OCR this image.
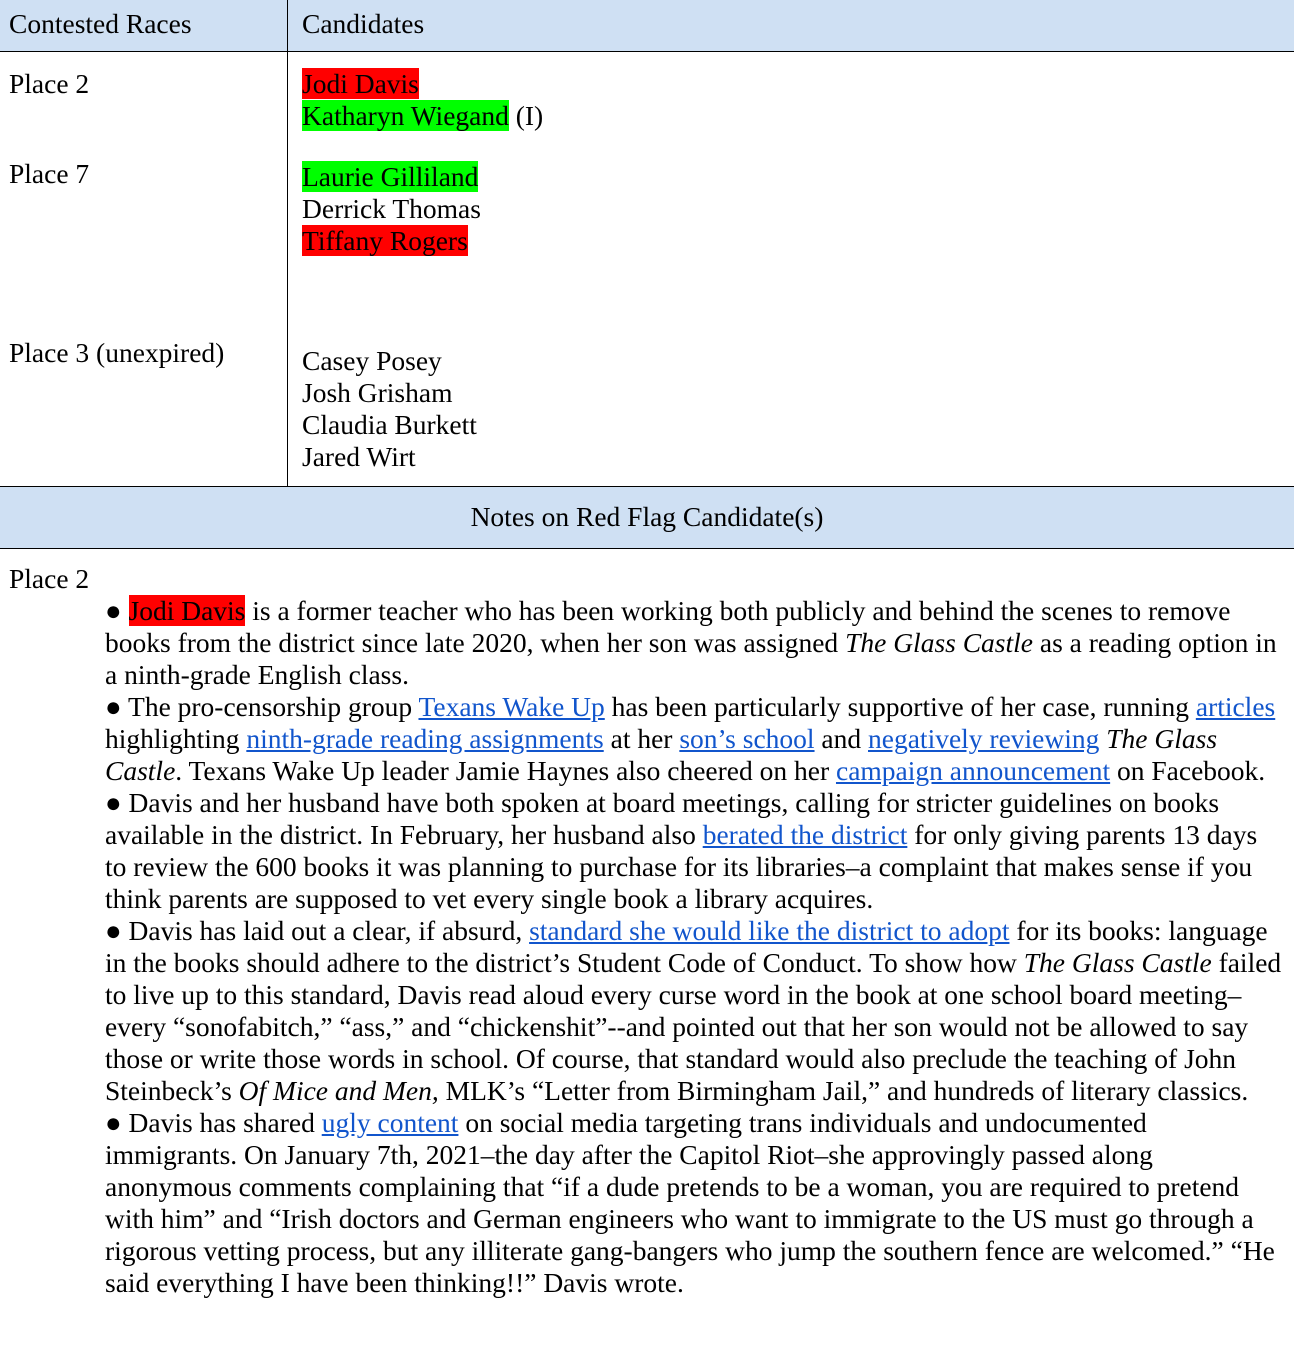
Contested Races	Candidates
Place 2
Place 7
Place 3 (unexpired)
Jodi Davis
Katharyn Wiegand (I)
Laurie Gilliland
Derrick Thomas
Tiffany Rogers
Casey Posey
Josh Grisham
Claudia Burkett
Jared Wirt
Notes on Red Flag Candidate(s)
Place 2
● Jodi Davis is a former teacher who has been working both publicly and behind the scenes to remove books from the district since late 2020, when her son was assigned The Glass Castle as a reading option in a ninth-grade English class.
● The pro-censorship group Texans Wake Up has been particularly supportive of her case, running articles highlighting ninth-grade reading assignments at her son’s school and negatively reviewing The Glass Castle. Texans Wake Up leader Jamie Haynes also cheered on her campaign announcement on Facebook.
● Davis and her husband have both spoken at board meetings, calling for stricter guidelines on books available in the district. In February, her husband also berated the district for only giving parents 13 days to review the 600 books it was planning to purchase for its libraries–a complaint that makes sense if you think parents are supposed to vet every single book a library acquires.
● Davis has laid out a clear, if absurd, standard she would like the district to adopt for its books: language in the books should adhere to the district’s Student Code of Conduct. To show how The Glass Castle failed to live up to this standard, Davis read aloud every curse word in the book at one school board meeting–every “sonofabitch,” “ass,” and “chickenshit”--and pointed out that her son would not be allowed to say those or write those words in school. Of course, that standard would also preclude the teaching of John Steinbeck’s Of Mice and Men, MLK’s “Letter from Birmingham Jail,” and hundreds of literary classics.
● Davis has shared ugly content on social media targeting trans individuals and undocumented immigrants. On January 7th, 2021–the day after the Capitol Riot–she approvingly passed along anonymous comments complaining that “if a dude pretends to be a woman, you are required to pretend with him” and “Irish doctors and German engineers who want to immigrate to the US must go through a rigorous vetting process, but any illiterate gang-bangers who jump the southern fence are welcomed.” “He said everything I have been thinking!!” Davis wrote.
